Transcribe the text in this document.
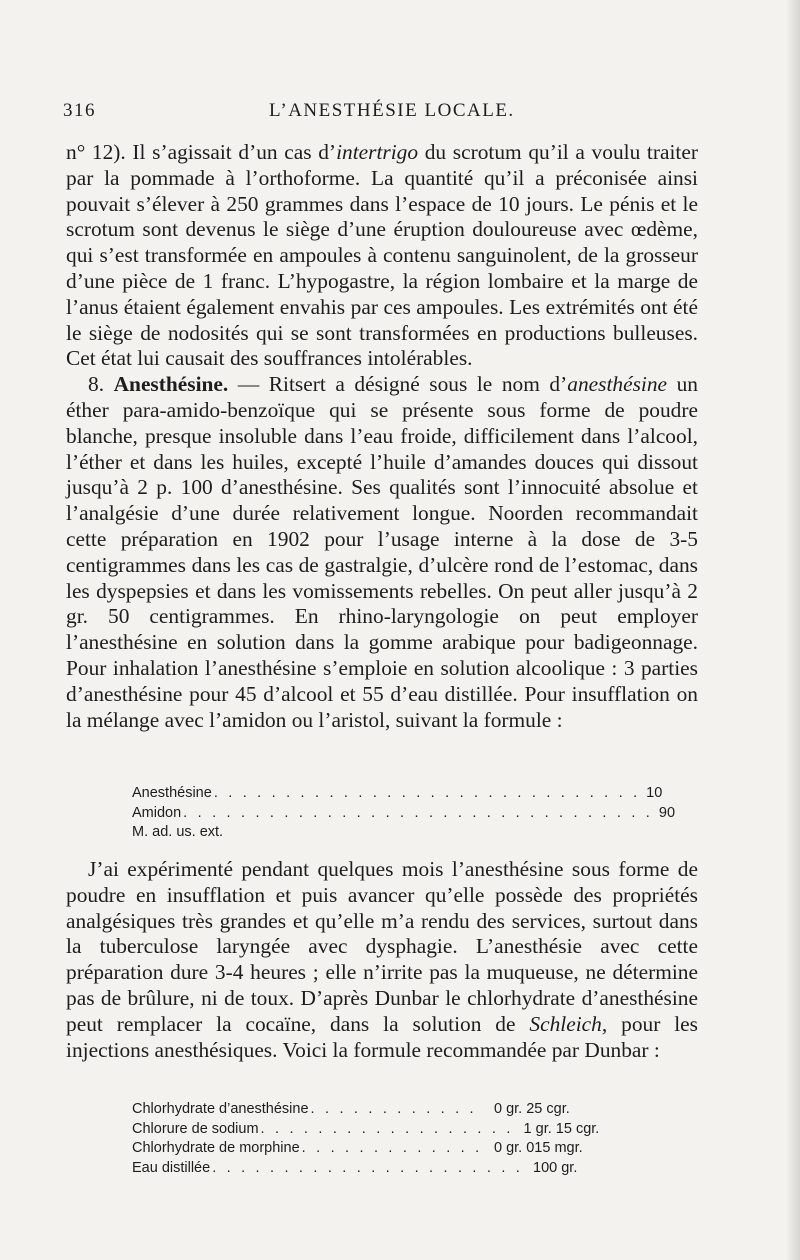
316	L’ANESTHÉSIE LOCALE.

n° 12). Il s’agissait d’un cas d’intertrigo du scrotum qu’il a voulu traiter par la pommade à l’orthoforme. La quantité qu’il a préconisée ainsi pouvait s’élever à 250 grammes dans l’espace de 10 jours. Le pénis et le scrotum sont devenus le siège d’une éruption douloureuse avec œdème, qui s’est transformée en ampoules à contenu sanguinolent, de la grosseur d’une pièce de 1 franc. L’hypogastre, la région lombaire et la marge de l’anus étaient également envahis par ces ampoules. Les extrémités ont été le siège de nodosités qui se sont transformées en productions bulleuses. Cet état lui causait des souffrances intolérables.

8. Anesthésine. — Ritsert a désigné sous le nom d’anesthésine un éther para-amido-benzoïque qui se présente sous forme de poudre blanche, presque insoluble dans l’eau froide, difficilement dans l’alcool, l’éther et dans les huiles, excepté l’huile d’amandes douces qui dissout jusqu’à 2 p. 100 d’anesthésine. Ses qualités sont l’innocuité absolue et l’analgésie d’une durée relativement longue. Noorden recommandait cette préparation en 1902 pour l’usage interne à la dose de 3-5 centigrammes dans les cas de gastralgie, d’ulcère rond de l’estomac, dans les dyspepsies et dans les vomissements rebelles. On peut aller jusqu’à 2 gr. 50 centigrammes. En rhino-laryngologie on peut employer l’anesthésine en solution dans la gomme arabique pour badigeonnage. Pour inhalation l’anesthésine s’emploie en solution alcoolique : 3 parties d’anesthésine pour 45 d’alcool et 55 d’eau distillée. Pour insufflation on la mélange avec l’amidon ou l’aristol, suivant la formule :

Anesthésine . . . . . . . . . . . . . . . . . . . . . . . . . . . . . . 10
Amidon . . . . . . . . . . . . . . . . . . . . . . . . . . . . . . . . . 90
M. ad. us. ext.

J’ai expérimenté pendant quelques mois l’anesthésine sous forme de poudre en insufflation et puis avancer qu’elle possède des propriétés analgésiques très grandes et qu’elle m’a rendu des services, surtout dans la tuberculose laryngée avec dysphagie. L’anesthésie avec cette préparation dure 3-4 heures ; elle n’irrite pas la muqueuse, ne détermine pas de brûlure, ni de toux. D’après Dunbar le chlorhydrate d’anesthésine peut remplacer la cocaïne, dans la solution de Schleich, pour les injections anesthésiques. Voici la formule recommandée par Dunbar :

Chlorhydrate d’anesthésine . . . . . . . . . . . .	0 gr. 25 cgr.
Chlorure de sodium . . . . . . . . . . . . . . . . . . 1 gr. 15 cgr.
Chlorhydrate de morphine . . . . . . . . . . . . . 0 gr. 015 mgr.
Eau distillée . . . . . . . . . . . . . . . . . . . . . . 100 gr.
